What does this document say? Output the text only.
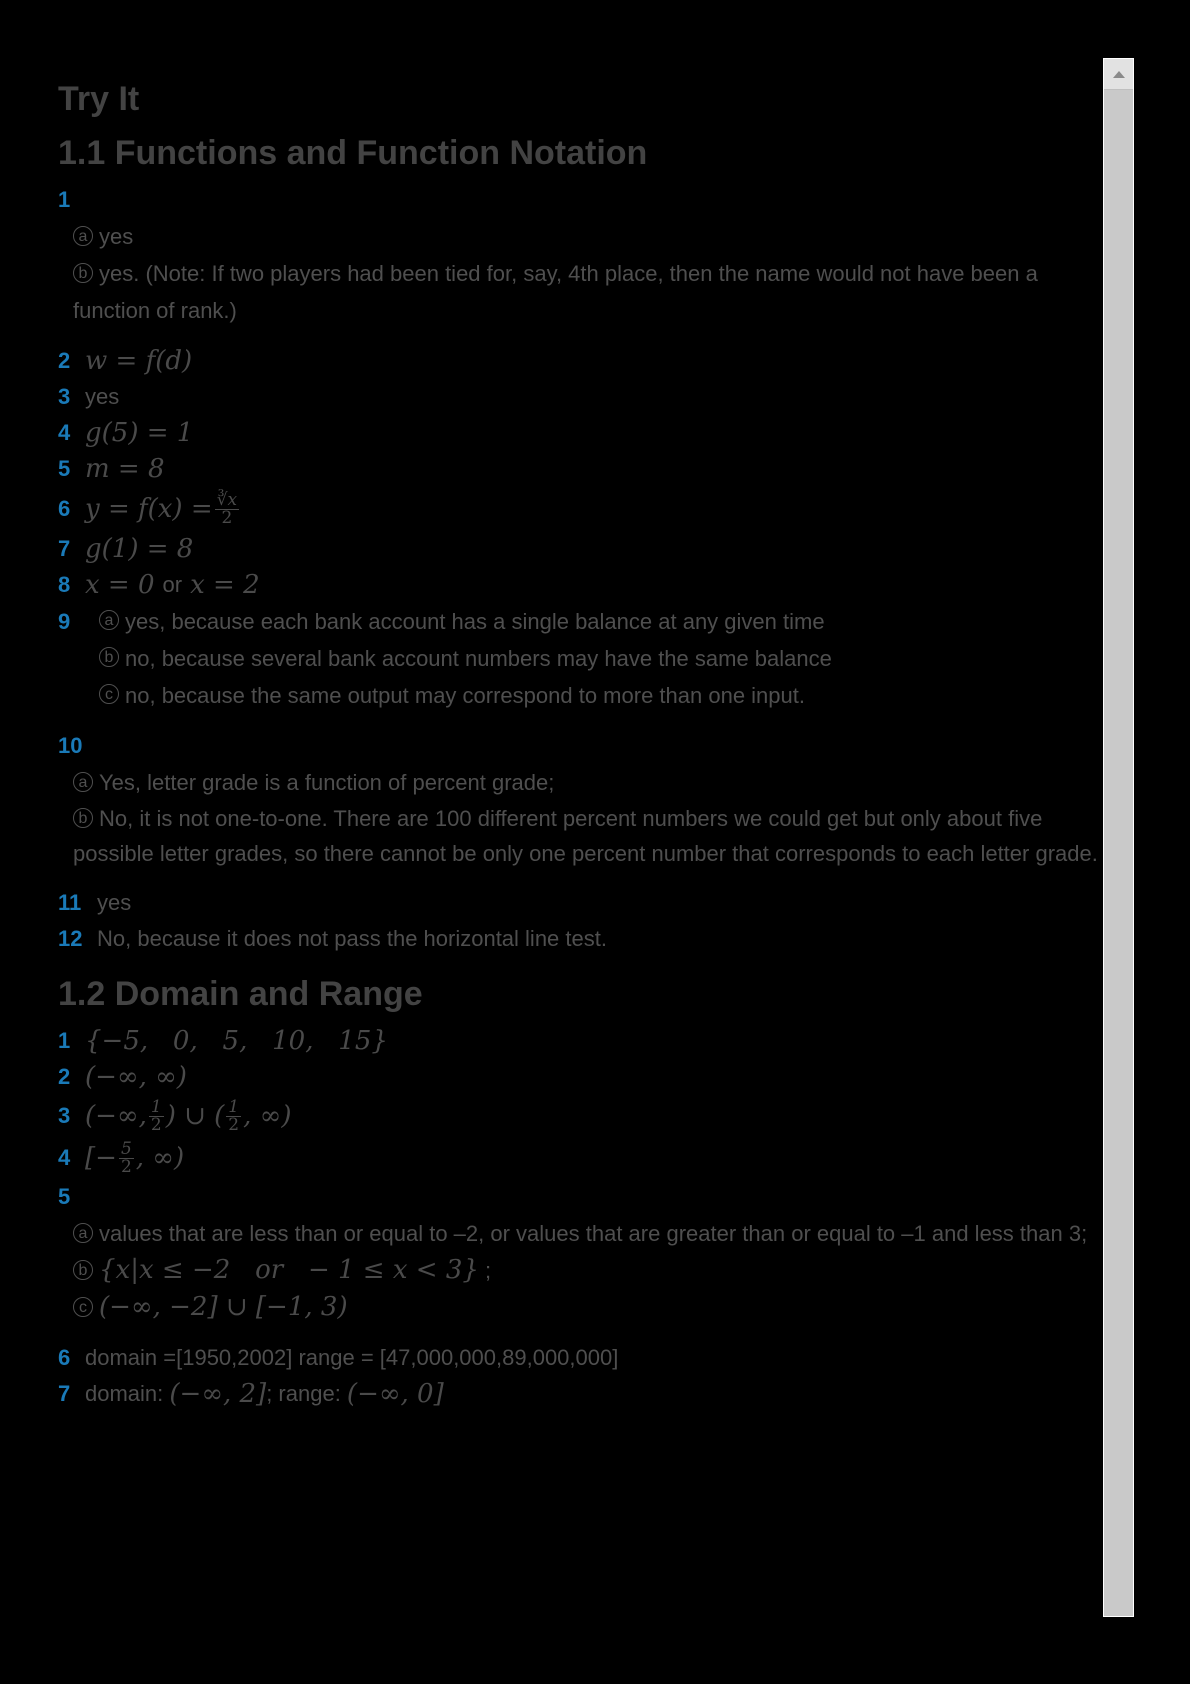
Try It
1.1 Functions and Function Notation
1
a yes
b yes. (Note: If two players had been tied for, say, 4th place, then the name would not have been a function of rank.)
2 w = f(d)
3 yes
4 g(5) = 1
5 m = 8
6 $y = f(x) = \frac{∛x}{2}$
7 g(1) = 8
8 x = 0 or x = 2
9	a yes, because each bank account has a single balance at any given time
b no, because several bank account numbers may have the same balance
c no, because the same output may correspond to more than one input.
10
a Yes, letter grade is a function of percent grade;
b No, it is not one-to-one. There are 100 different percent numbers we could get but only about five possible letter grades, so there cannot be only one percent number that corresponds to each letter grade.
11 yes
12 No, because it does not pass the horizontal line test.
1.2 Domain and Range
1 {−5,   0,   5,   10,   15}
2 (−∞, ∞)
3 (−∞, $\frac{1}{2}$ ) ∪ ( $\frac{1}{2}$ , ∞)
4 [− $\frac{5}{2}$ , ∞)
5
a values that are less than or equal to –2, or values that are greater than or equal to –1 and less than 3;
b {x|x ≤ −2   or   − 1 ≤ x < 3} ;
c (−∞, −2] ∪ [−1, 3)
6 domain =[1950,2002] range = [47,000,000,89,000,000]
7 domain: (−∞, 2] ; range: (−∞, 0]
